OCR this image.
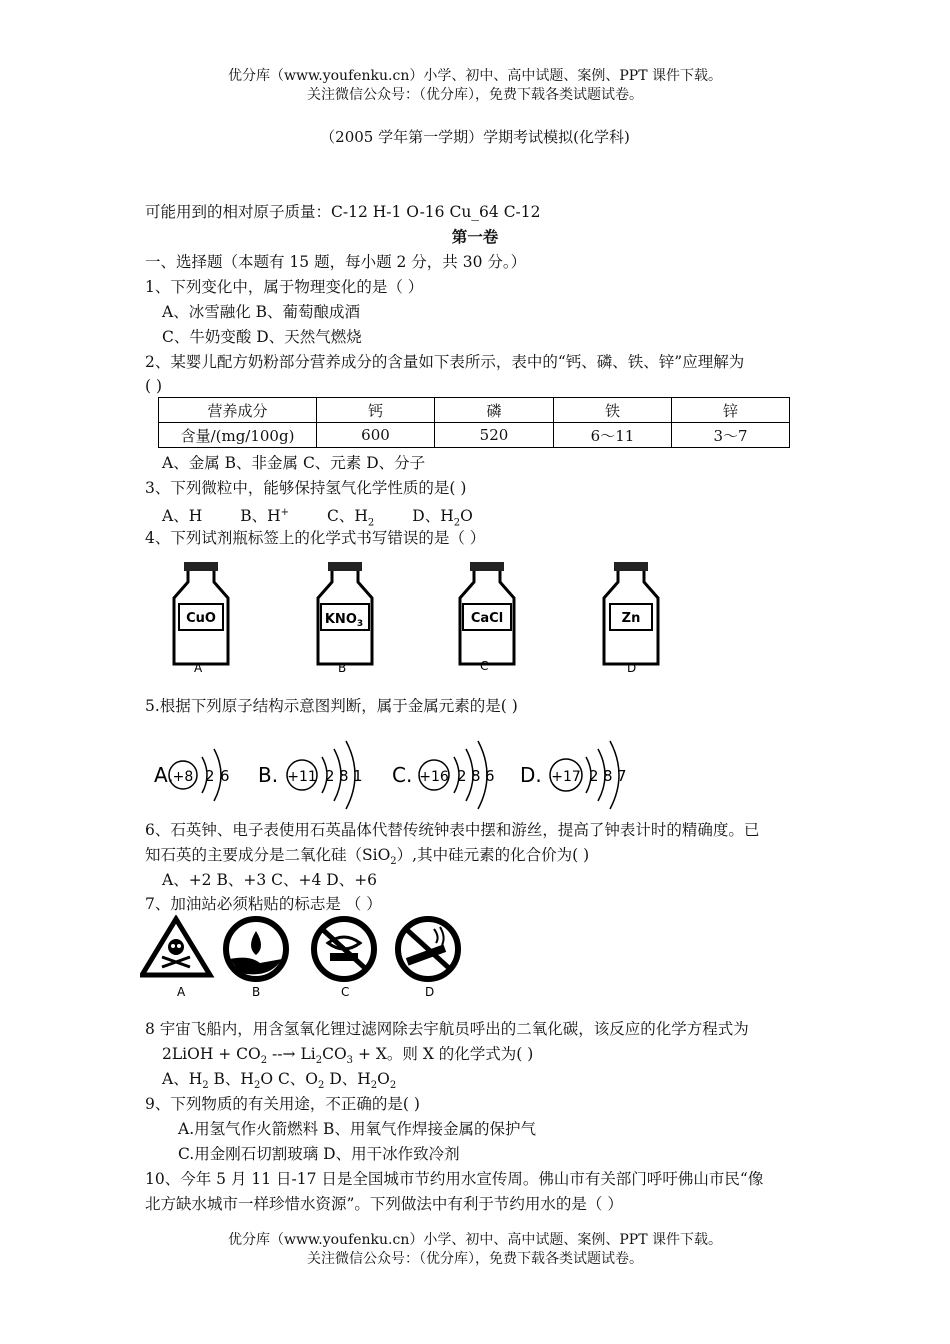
优分库（www.youfenku.cn）小学、初中、高中试题、案例、PPT 课件下载。
关注微信公众号：（优分库），免费下载各类试题试卷。
（2005 学年第一学期）学期考试模拟(化学科)
可能用到的相对原子质量：C-12 H-1 O-16 Cu_64 C-12
第一卷
一、选择题（本题有 15 题，每小题 2 分，共 30 分。）
1、下列变化中，属于物理变化的是（ ）
A、冰雪融化 B、葡萄酿成酒
C、牛奶变酸 D、天然气燃烧
2、某婴儿配方奶粉部分营养成分的含量如下表所示，表中的“钙、磷、铁、锌”应理解为
( )
营养成分	钙	磷	铁	锌
含量/(mg/100g)	600	520	6～11	3～7
A、金属 B、非金属 C、元素 D、分子
3、下列微粒中，能够保持氢气化学性质的是( )
A、H B、H+ C、$H_2$ D、$H_2O$
4、下列试剂瓶标签上的化学式书写错误的是（ ）
CuO
A
$KNO_3$
B
CaCl
C
Zn
D
5.根据下列原子结构示意图判断，属于金属元素的是( )
A.
+8 2 6 B. +11 2 8 1 C. +16 2 8 6 D. +17 2 8 7
6、石英钟、电子表使用石英晶体代替传统钟表中摆和游丝，提高了钟表计时的精确度。已
知石英的主要成分是二氧化硅（SiO$_2$）,其中硅元素的化合价为( )
A、+2 B、+3 C、+4 D、+6
7、加油站必须粘贴的标志是 （ ）
A	B	C	D
8 宇宙飞船内，用含氢氧化锂过滤网除去宇航员呼出的二氧化碳，该反应的化学方程式为
2LiOH + $CO_2$ --→ $Li_2CO_3 + X$。则 X 的化学式为( )
A、$H_2$ B、$H_2O$ C、$O_2$ D、$H_2O_2$
9、下列物质的有关用途，不正确的是( )
A.用氢气作火箭燃料 B、用氧气作焊接金属的保护气
C.用金刚石切割玻璃 D、用干冰作致冷剂
10、今年 5 月 11 日-17 日是全国城市节约用水宣传周。佛山市有关部门呼吁佛山市民“像
北方缺水城市一样珍惜水资源”。下列做法中有利于节约用水的是（ ）
优分库（www.youfenku.cn）小学、初中、高中试题、案例、PPT 课件下载。
关注微信公众号：（优分库），免费下载各类试题试卷。
